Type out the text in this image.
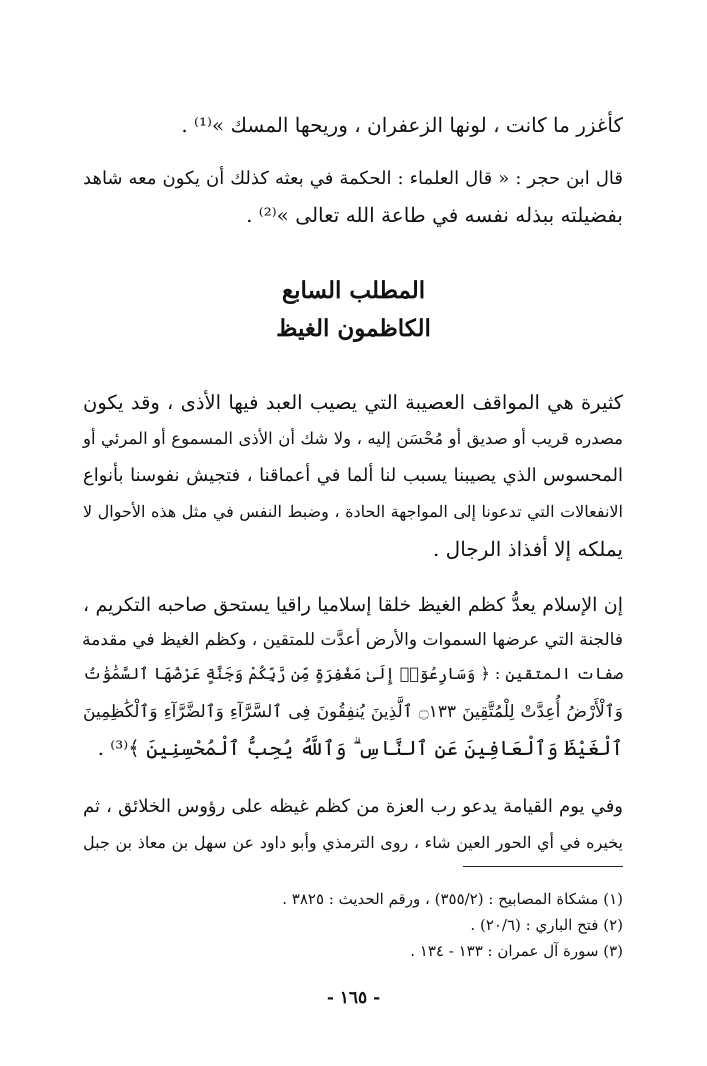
كأغزر ما كانت ، لونها الزعفران ، وريحها المسك »⁽¹⁾ .
قال ابن حجر : « قال العلماء : الحكمة في بعثه كذلك أن يكون معه شاهد
بفضيلته ببذله نفسه في طاعة الله تعالى »⁽²⁾ .
المطلب السابع
الكاظمون الغيظ
كثيرة هي المواقف العصيبة التي يصيب العبد فيها الأذى ، وقد يكون
مصدره قريب أو صديق أو مُحْسَن إليه ، ولا شك أن الأذى المسموع أو المرئي أو
المحسوس الذي يصيبنا يسبب لنا ألما في أعماقنا ، فتجيش نفوسنا بأنواع
الانفعالات التي تدعونا إلى المواجهة الحادة ، وضبط النفس في مثل هذه الأحوال لا
يملكه إلا أفذاذ الرجال .
إن الإسلام يعدُّ كظم الغيظ خلقا إسلاميا راقيا يستحق صاحبه التكريم ،
فالجنة التي عرضها السموات والأرض أعدَّت للمتقين ، وكظم الغيظ في مقدمة
صفات المتقين : ﴿ وَسَارِعُوٓا۟ إِلَىٰ مَغْفِرَةٍ مِّن رَّبِّكُمْ وَجَنَّةٍ عَرْضُهَا ٱلسَّمَٰوَٰتُ
وَٱلْأَرْضُ أُعِدَّتْ لِلْمُتَّقِينَ ۝١٣٣ ٱلَّذِينَ يُنفِقُونَ فِى ٱلسَّرَّآءِ وَٱلضَّرَّآءِ وَٱلْكَٰظِمِينَ
ٱلْغَيْظَ وَٱلْعَافِينَ عَنِ ٱلنَّاسِ ۗ وَٱللَّهُ يُحِبُّ ٱلْمُحْسِنِينَ ﴾⁽³⁾ .
وفي يوم القيامة يدعو رب العزة من كظم غيظه على رؤوس الخلائق ، ثم
يخيره في أي الحور العين شاء ، روى الترمذي وأبو داود عن سهل بن معاذ بن جبل
(١) مشكاة المصابيح : (٣٥٥/٢) ، ورقم الحديث : ٣٨٢٥ .
(٢) فتح الباري : (٢٠/٦) .
(٣) سورة آل عمران : ١٣٣ - ١٣٤ .
- ١٦٥ -
